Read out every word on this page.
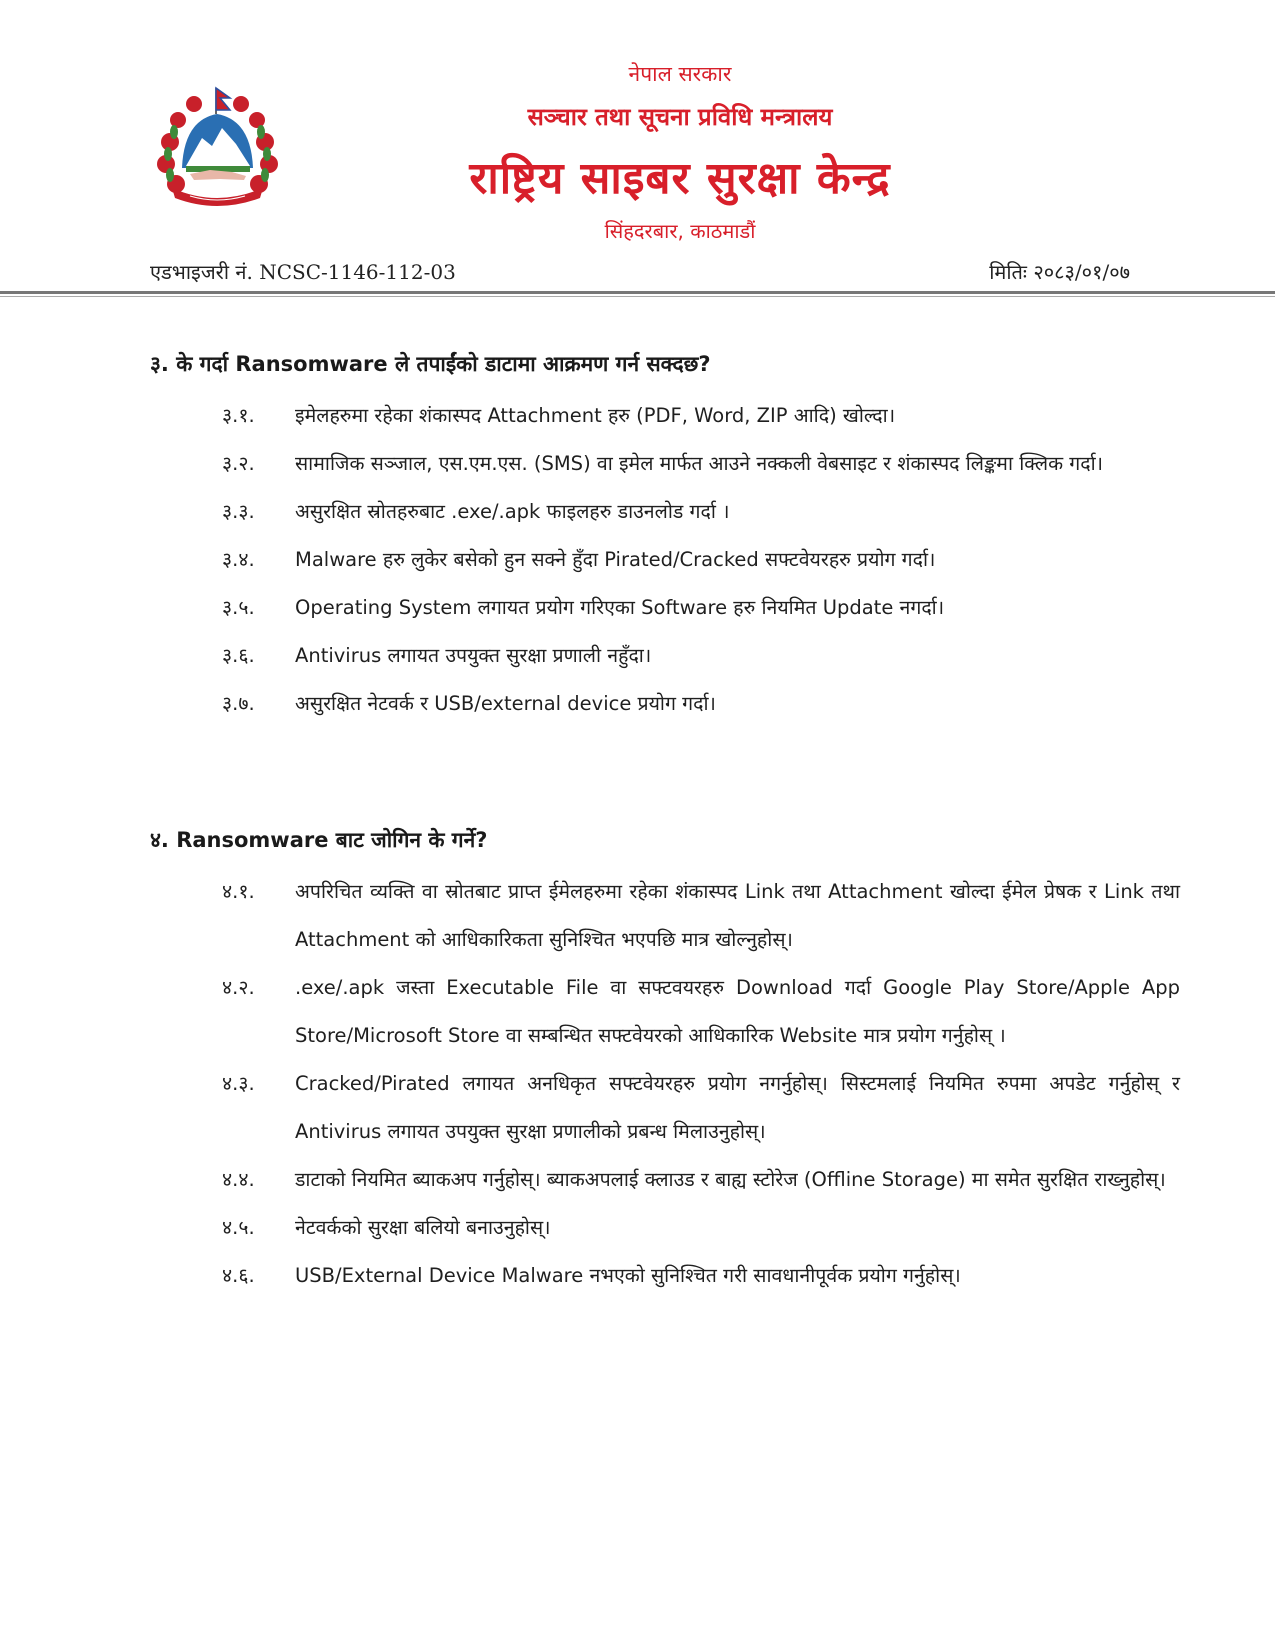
नेपाल सरकार
सञ्चार तथा सूचना प्रविधि मन्त्रालय
राष्ट्रिय साइबर सुरक्षा केन्द्र
सिंहदरबार, काठमाडौं
एडभाइजरी नं. NCSC-1146-112-03	मितिः २०८३/०१/०७
३. के गर्दा Ransomware ले तपाईंको डाटामा आक्रमण गर्न सक्दछ?
३.१. इमेलहरुमा रहेका शंकास्पद Attachment हरु (PDF, Word, ZIP आदि) खोल्दा।
३.२. सामाजिक सञ्जाल, एस.एम.एस. (SMS) वा इमेल मार्फत आउने नक्कली वेबसाइट र शंकास्पद लिङ्कमा क्लिक गर्दा।
३.३. असुरक्षित स्रोतहरुबाट .exe/.apk फाइलहरु डाउनलोड गर्दा ।
३.४. Malware हरु लुकेर बसेको हुन सक्ने हुँदा Pirated/Cracked सफ्टवेयरहरु प्रयोग गर्दा।
३.५. Operating System लगायत प्रयोग गरिएका Software हरु नियमित Update नगर्दा।
३.६. Antivirus लगायत उपयुक्त सुरक्षा प्रणाली नहुँदा।
३.७. असुरक्षित नेटवर्क र USB/external device प्रयोग गर्दा।
४. Ransomware बाट जोगिन के गर्ने?
४.१. अपरिचित व्यक्ति वा स्रोतबाट प्राप्त ईमेलहरुमा रहेका शंकास्पद Link तथा Attachment खोल्दा ईमेल प्रेषक र Link तथा Attachment को आधिकारिकता सुनिश्चित भएपछि मात्र खोल्नुहोस्।
४.२. .exe/.apk जस्ता Executable File वा सफ्टवयरहरु Download गर्दा Google Play Store/Apple App Store/Microsoft Store वा सम्बन्धित सफ्टवेयरको आधिकारिक Website मात्र प्रयोग गर्नुहोस् ।
४.३. Cracked/Pirated लगायत अनधिकृत सफ्टवेयरहरु प्रयोग नगर्नुहोस्। सिस्टमलाई नियमित रुपमा अपडेट गर्नुहोस् र Antivirus लगायत उपयुक्त सुरक्षा प्रणालीको प्रबन्ध मिलाउनुहोस्।
४.४. डाटाको नियमित ब्याकअप गर्नुहोस्। ब्याकअपलाई क्लाउड र बाह्य स्टोरेज (Offline Storage) मा समेत सुरक्षित राख्नुहोस्।
४.५. नेटवर्कको सुरक्षा बलियो बनाउनुहोस्।
४.६. USB/External Device Malware नभएको सुनिश्चित गरी सावधानीपूर्वक प्रयोग गर्नुहोस्।
